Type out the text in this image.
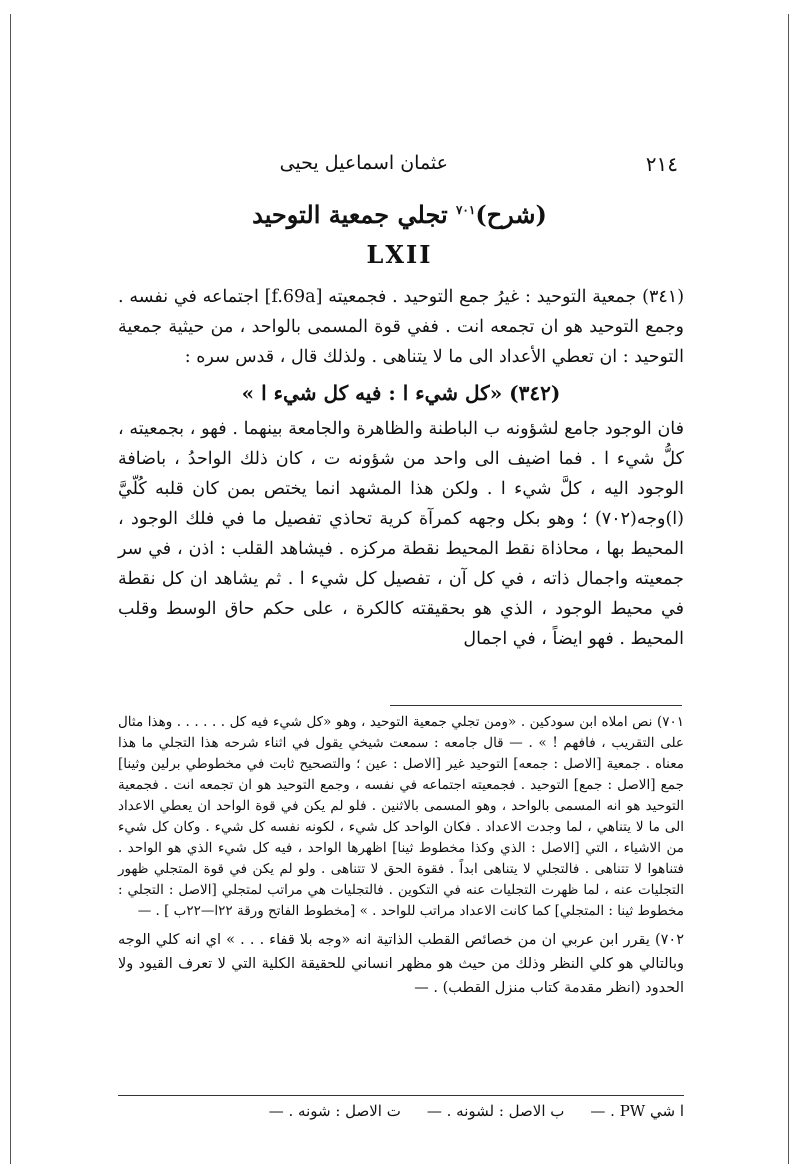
٢١٤
عثمان اسماعيل يحيى
(شرح)$^{٧٠١}$ تجلي جمعية التوحيد
LXII

(٣٤١) جمعية التوحيد : غيرُ جمع التوحيد . فجمعيته [f.69a] اجتماعه في نفسه . وجمع التوحيد هو ان تجمعه انت . ففي قوة المسمى بالواحد ، من حيثية جمعية التوحيد : ان تعطي الأعداد الى ما لا يتناهى . ولذلك قال ، قدس سره :

(٣٤٢) «كل شيء ا : فيه كل شيء ا »

فان الوجود جامع لشؤونه ب الباطنة والظاهرة والجامعة بينهما . فهو ، بجمعيته ، كلُّ شيء ا . فما اضيف الى واحد من شؤونه ت ، كان ذلك الواحدُ ، باضافة الوجود اليه ، كلَّ شيء ا . ولكن هذا المشهد انما يختص بمن كان قلبه كُلّيَّ (ا)وجه(٧٠٢) ؛ وهو بكل وجهه كمرآة كرية تحاذي تفصيل ما في فلك الوجود ، المحيط بها ، محاذاة نقط المحيط نقطة مركزه . فيشاهد القلب : اذن ، في سر جمعيته واجمال ذاته ، في كل آن ، تفصيل كل شيء ا . ثم يشاهد ان كل نقطة في محيط الوجود ، الذي هو بحقيقته كالكرة ، على حكم حاق الوسط وقلب المحيط . فهو ايضاً ، في اجمال

٧٠١) نص املاه ابن سودكين . «ومن تجلي جمعية التوحيد ، وهو «كل شيء فيه كل . . . . . . وهذا مثال على التقريب ، فافهم ! » . — قال جامعه : سمعت شيخي يقول في اثناء شرحه هذا التجلي ما هذا معناه . جمعية [الاصل : جمعه] التوحيد غير [الاصل : عين ؛ والتصحيح ثابت في مخطوطي برلين وثينا] جمع [الاصل : جمع] التوحيد . فجمعيته اجتماعه في نفسه ، وجمع التوحيد هو ان تجمعه انت . فجمعية التوحيد هو انه المسمى بالواحد ، وهو المسمى بالاثنين . فلو لم يكن في قوة الواحد ان يعطي الاعداد الى ما لا يتناهي ، لما وجدت الاعداد . فكان الواحد كل شيء ، لكونه نفسه كل شيء . وكان كل شيء من الاشياء ، التي [الاصل : الذي وكذا مخطوط ثينا] اظهرها الواحد ، فيه كل شيء الذي هو الواحد . فتناهوا لا تتناهى . فالتجلي لا يتناهى ابداً . فقوة الحق لا تتناهى . ولو لم يكن في قوة المتجلي ظهور التجليات عنه ، لما ظهرت التجليات عنه في التكوين . فالتجليات هي مراتب لمتجلي [الاصل : التجلي : مخطوط ثينا : المتجلي] كما كانت الاعداد مراتب للواحد . » [مخطوط الفاتح ورقة ٢٢ا—٢٢ب ] . —

٧٠٢) يقرر ابن عربي ان من خصائص القطب الذاتية انه «وجه بلا قفاء . . . » اي انه كلي الوجه وبالتالي هو كلي النظر وذلك من حيث هو مظهر انساني للحقيقة الكلية التي لا تعرف القيود ولا الحدود (انظر مقدمة كتاب منزل القطب) . —

ا شي PW . —
ب الاصل : لشونه . —
ت الاصل : شونه . —
